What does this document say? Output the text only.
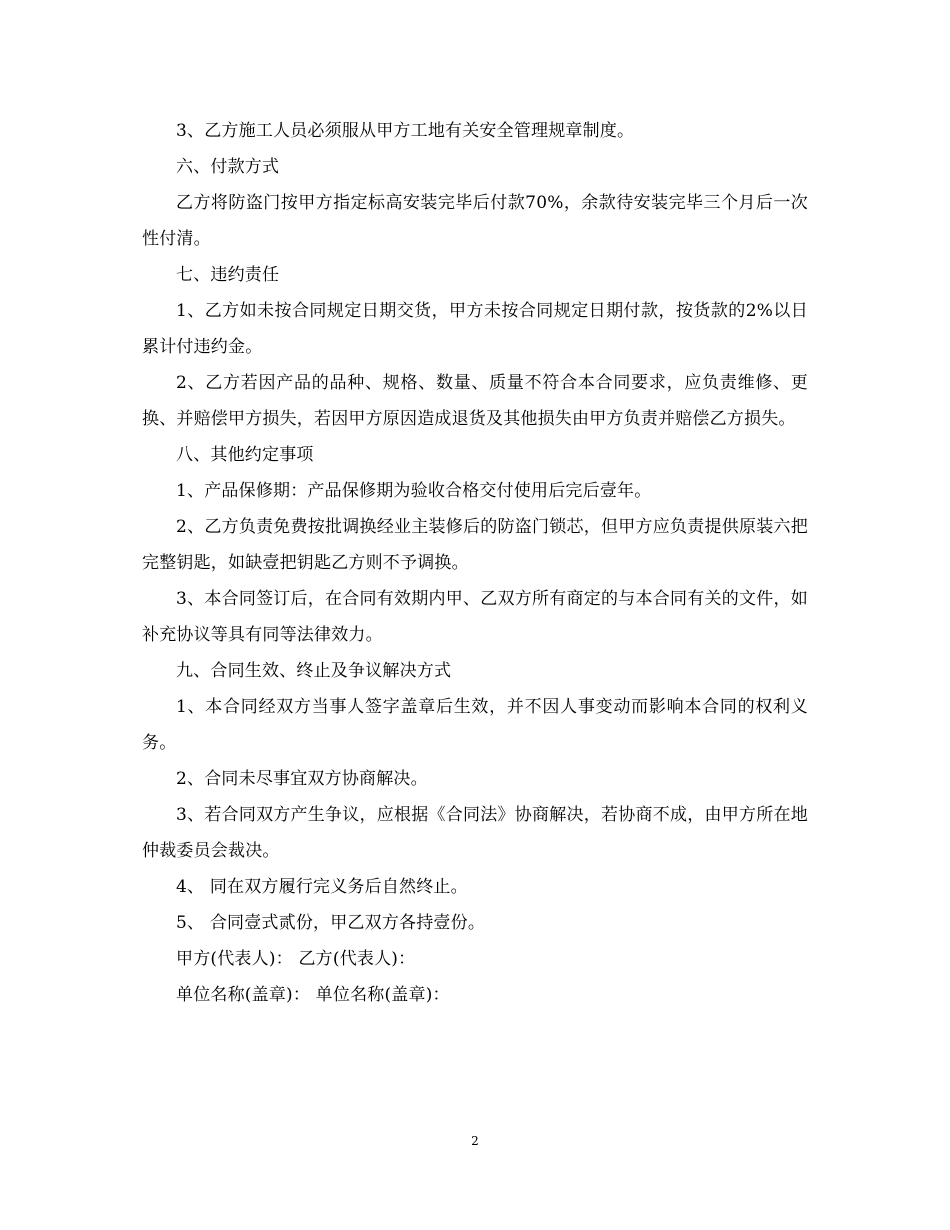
3、乙方施工人员必须服从甲方工地有关安全管理规章制度。

六、付款方式

乙方将防盗门按甲方指定标高安装完毕后付款70%，余款待安装完毕三个月后一次性付清。

七、违约责任

1、乙方如未按合同规定日期交货，甲方未按合同规定日期付款，按货款的2%以日累计付违约金。

2、乙方若因产品的品种、规格、数量、质量不符合本合同要求，应负责维修、更换、并赔偿甲方损失，若因甲方原因造成退货及其他损失由甲方负责并赔偿乙方损失。

八、其他约定事项

1、产品保修期：产品保修期为验收合格交付使用后完后壹年。

2、乙方负责免费按批调换经业主装修后的防盗门锁芯，但甲方应负责提供原装六把完整钥匙，如缺壹把钥匙乙方则不予调换。

3、本合同签订后，在合同有效期内甲、乙双方所有商定的与本合同有关的文件，如补充协议等具有同等法律效力。

九、合同生效、终止及争议解决方式

1、本合同经双方当事人签字盖章后生效，并不因人事变动而影响本合同的权利义务。

2、合同未尽事宜双方协商解决。

3、若合同双方产生争议，应根据《合同法》协商解决，若协商不成，由甲方所在地仲裁委员会裁决。

4、 同在双方履行完义务后自然终止。

5、 合同壹式贰份，甲乙双方各持壹份。

甲方(代表人)： 乙方(代表人)：

单位名称(盖章)： 单位名称(盖章)：

2
